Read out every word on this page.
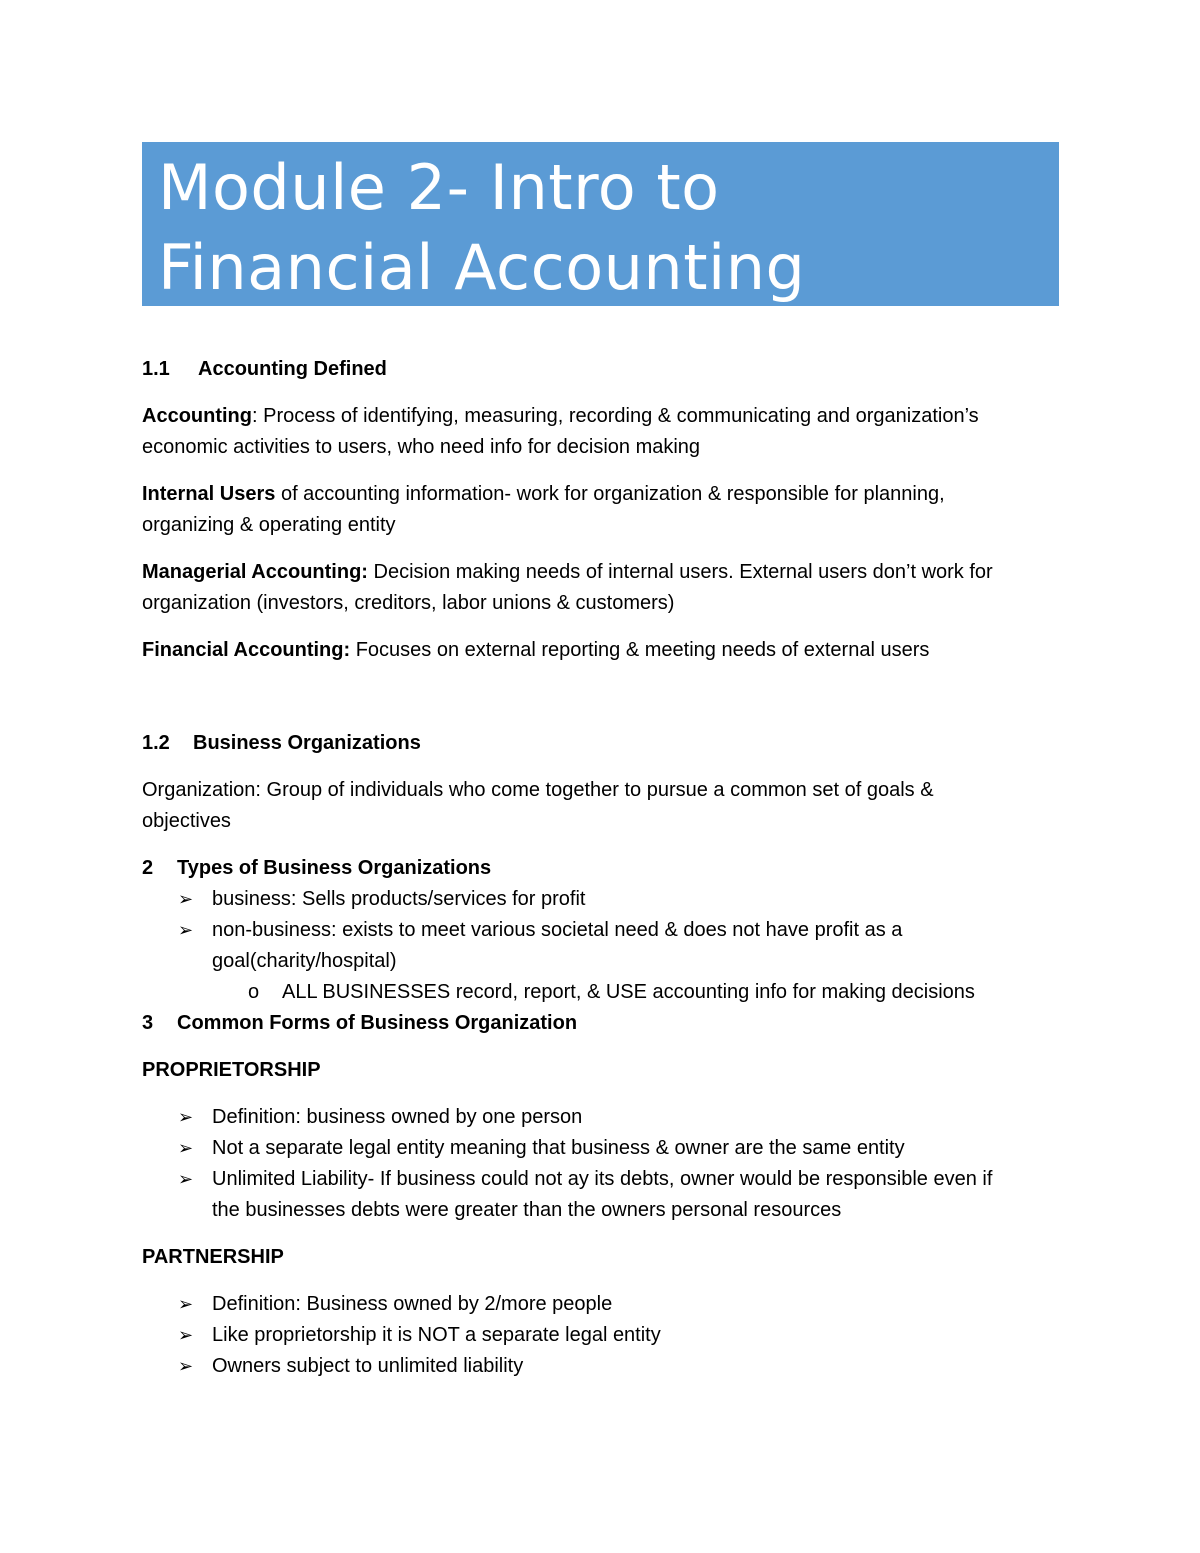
Module 2- Intro to
Financial Accounting
1.1 Accounting Defined
Accounting: Process of identifying, measuring, recording & communicating and organization’s
economic activities to users, who need info for decision making
Internal Users of accounting information- work for organization & responsible for planning,
organizing & operating entity
Managerial Accounting: Decision making needs of internal users. External users don’t work for
organization (investors, creditors, labor unions & customers)
Financial Accounting: Focuses on external reporting & meeting needs of external users
1.2 Business Organizations
Organization: Group of individuals who come together to pursue a common set of goals &
objectives
2 Types of Business Organizations
➢ business: Sells products/services for profit
➢ non-business: exists to meet various societal need & does not have profit as a
goal(charity/hospital)
o	ALL BUSINESSES record, report, & USE accounting info for making decisions
3 Common Forms of Business Organization
PROPRIETORSHIP
➢ Definition: business owned by one person
➢ Not a separate legal entity meaning that business & owner are the same entity
➢ Unlimited Liability- If business could not ay its debts, owner would be responsible even if
the businesses debts were greater than the owners personal resources
PARTNERSHIP
➢ Definition: Business owned by 2/more people
➢ Like proprietorship it is NOT a separate legal entity
➢ Owners subject to unlimited liability
